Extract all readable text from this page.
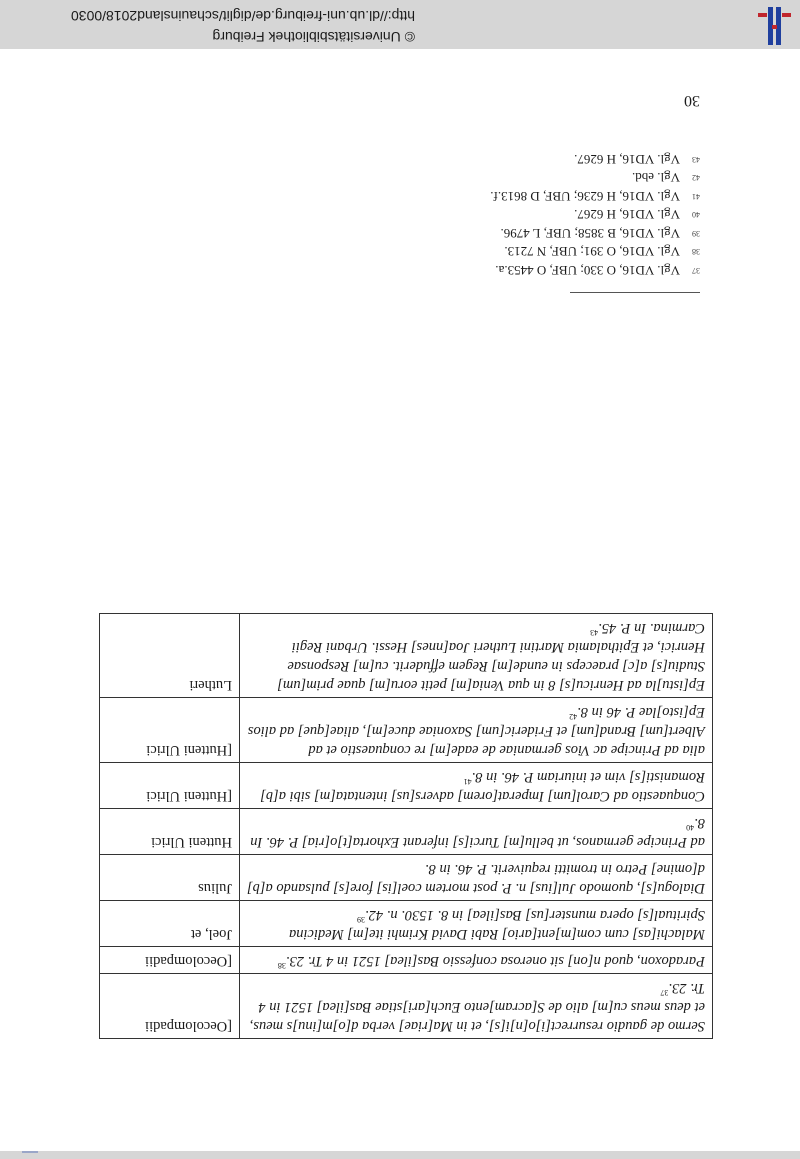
Sermo de gaudio resurrect[i]o[n]i[s], et in Ma[riae] verba d[o]m[inu]s meus, et deus meus cu[m] alio de S[acram]ento Euch[ari]stiae Bas[ilea] 1521 in 4 Tr. 23.37	[Oecolompadii
Paradoxon, quod n[on] sit onerosa confessio Bas[ilea] 1521 in 4 Tr. 23.38	[Oecolompadii
Malachi[as] cum com[m]ent[ario] Rabi David Krimhi ite[m] Medicina Spiritual[s] opera munster[us] Bas[ilea] in 8. 1530. n. 42.39	Joel, et
Dialogu[s], quomodo Jul[ius] n. P. post mortem coel[is] fore[s] pulsando a[b] d[omine] Petro in tromitti requiverit. P. 46. in 8.	Julius
ad Principe germanos, ut bellu[m] Turci[s] inferant Exhorta[t]o[ria] P. 46. In 8.40	Hutteni Ulrici
Conquaestio ad Carol[um] Imperat[orem] advers[us] intentata[m] sibi a[b] Romanisti[s] vim et iniuriam P. 46. in 8.41	[Hutteni Ulrici
alia ad Principe ac Vios germaniae de eade[m] re conquaestio et ad Albert[um] Brand[um] et Frideric[um] Saxoniae duce[m], aliae[que] ad alios Ep[isto]lae P. 46 in 8.42	[Hutteni Ulrici
Ep[istu]la ad Henricu[s] 8 in qua Venia[m] petit eoru[m] quae prim[um] Studiu[s] a[c] praeceps in eunde[m] Regem effuderit. cu[m] Responsae Henrici, et Epithalamia Martini Lutheri Joa[nnes] Hessi. Urbani Regii Carmina. In P. 45.43	Lutheri
37Vgl. VD16, O 330; UBF, O 4453.a.
38Vgl. VD16, O 391; UBF, N 7213.
39Vgl. VD16, B 3858; UBF, L 4796.
40Vgl. VD16, H 6267.
41Vgl. VD16, H 6236; UBF, D 8613.f.
42Vgl. ebd.
43Vgl. VD16, H 6267.
30
© Universitätsbibliothek Freiburg
http://dl.ub.uni-freiburg.de/diglit/schauinsland2018/0030
